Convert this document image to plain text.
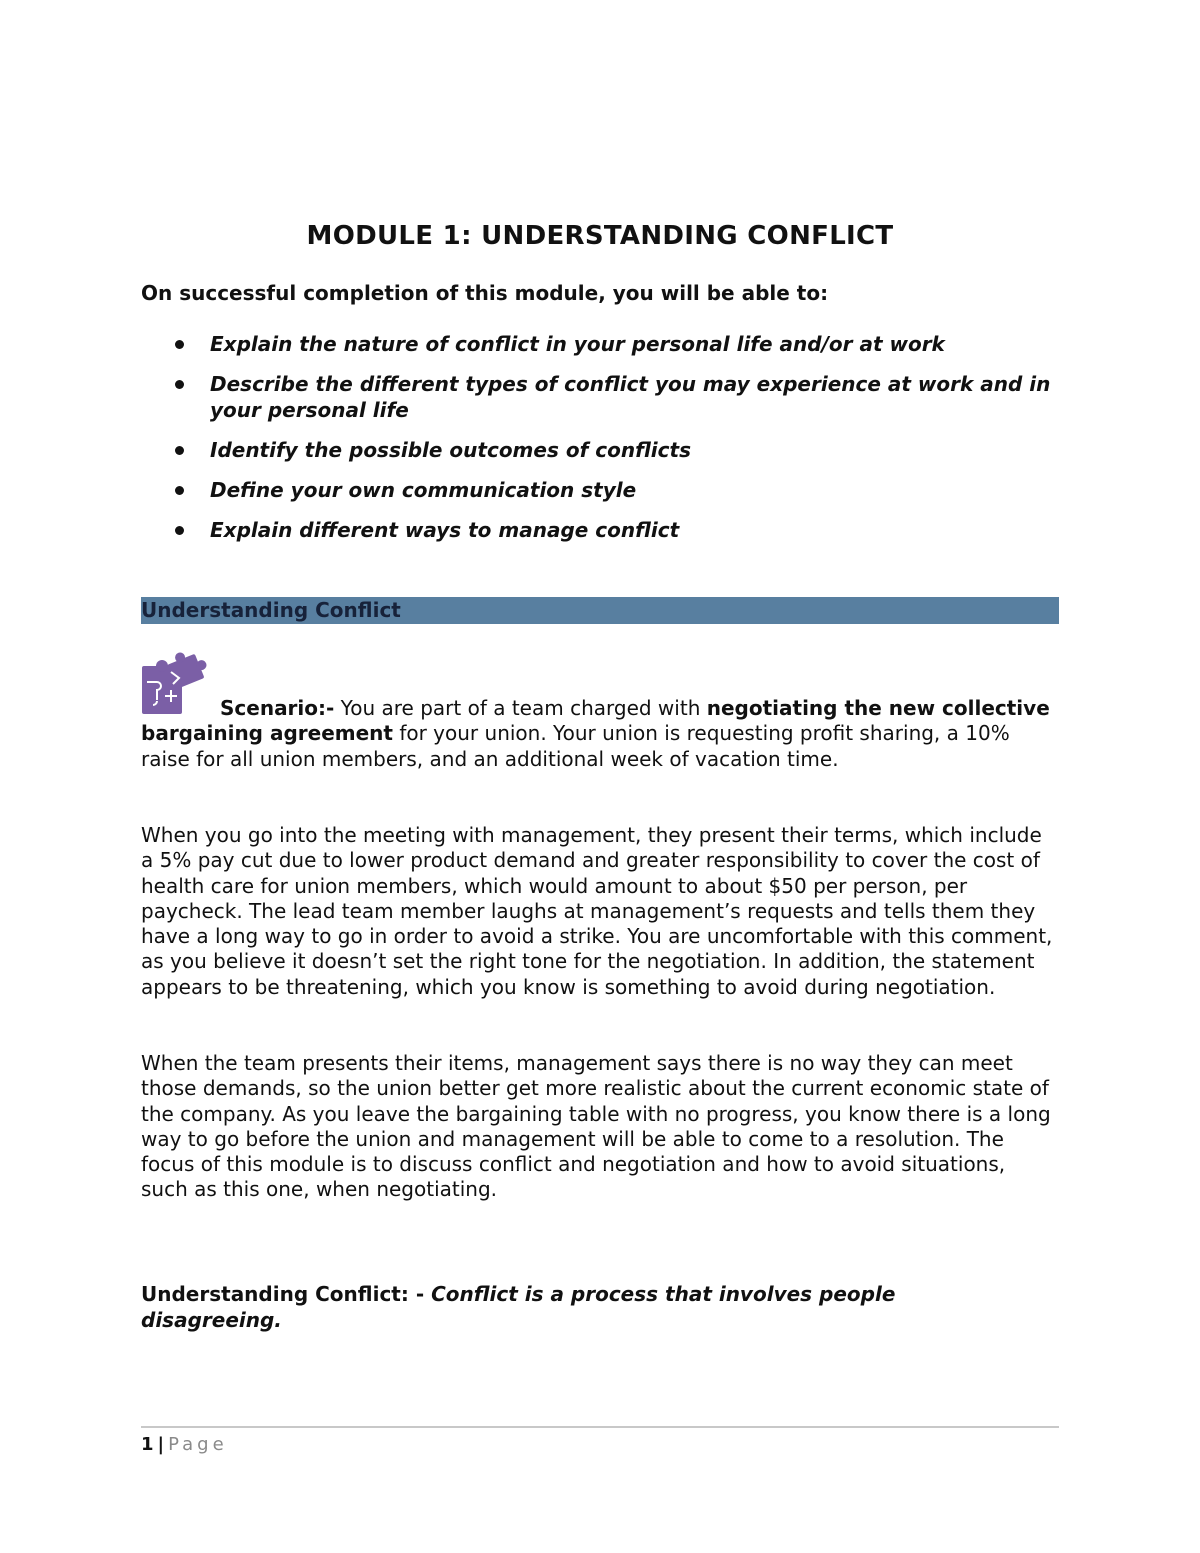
MODULE 1: UNDERSTANDING CONFLICT
On successful completion of this module, you will be able to:
Explain the nature of conflict in your personal life and/or at work
Describe the different types of conflict you may experience at work and in your personal life
Identify the possible outcomes of conflicts
Define your own communication style
Explain different ways to manage conflict
Understanding Conflict
Scenario:- You are part of a team charged with negotiating the new collective bargaining agreement for your union. Your union is requesting profit sharing, a 10% raise for all union members, and an additional week of vacation time.
When you go into the meeting with management, they present their terms, which include a 5% pay cut due to lower product demand and greater responsibility to cover the cost of health care for union members, which would amount to about $50 per person, per paycheck. The lead team member laughs at management’s requests and tells them they have a long way to go in order to avoid a strike. You are uncomfortable with this comment, as you believe it doesn’t set the right tone for the negotiation. In addition, the statement appears to be threatening, which you know is something to avoid during negotiation.
When the team presents their items, management says there is no way they can meet those demands, so the union better get more realistic about the current economic state of the company. As you leave the bargaining table with no progress, you know there is a long way to go before the union and management will be able to come to a resolution. The focus of this module is to discuss conflict and negotiation and how to avoid situations, such as this one, when negotiating.
Understanding Conflict: - Conflict is a process that involves people disagreeing.
1 | Page
